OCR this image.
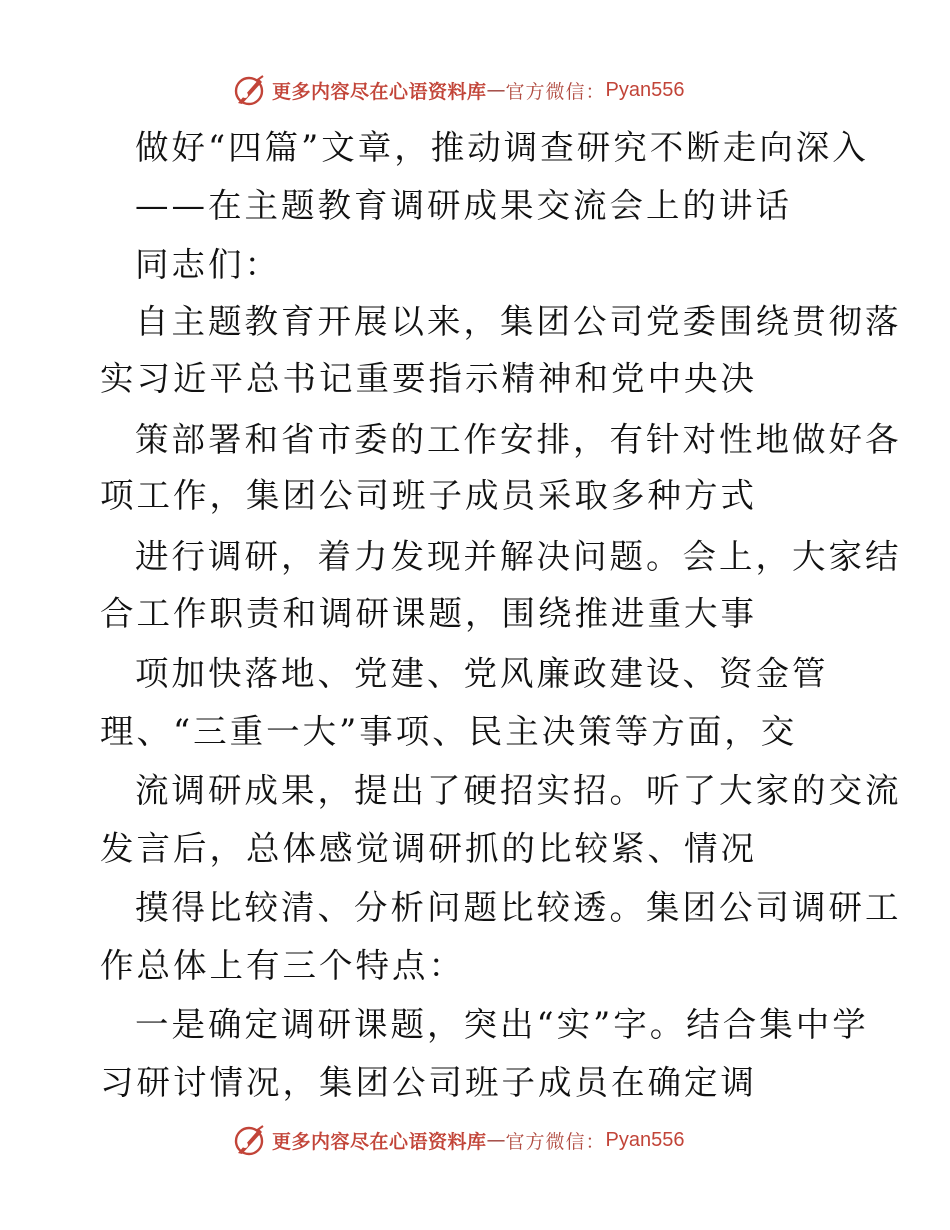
更多内容尽在心语资料库 — 官方微信： Pyan556
做好“四篇”文章，推动调查研究不断走向深入
——在主题教育调研成果交流会上的讲话
同志们：
自主题教育开展以来，集团公司党委围绕贯彻落
实习近平总书记重要指示精神和党中央决
策部署和省市委的工作安排，有针对性地做好各
项工作，集团公司班子成员采取多种方式
进行调研，着力发现并解决问题。会上，大家结
合工作职责和调研课题，围绕推进重大事
项加快落地、党建、党风廉政建设、资金管
理、“三重一大”事项、民主决策等方面，交
流调研成果，提出了硬招实招。听了大家的交流
发言后，总体感觉调研抓的比较紧、情况
摸得比较清、分析问题比较透。集团公司调研工
作总体上有三个特点：
一是确定调研课题，突出“实”字。结合集中学
习研讨情况，集团公司班子成员在确定调
更多内容尽在心语资料库 — 官方微信： Pyan556
